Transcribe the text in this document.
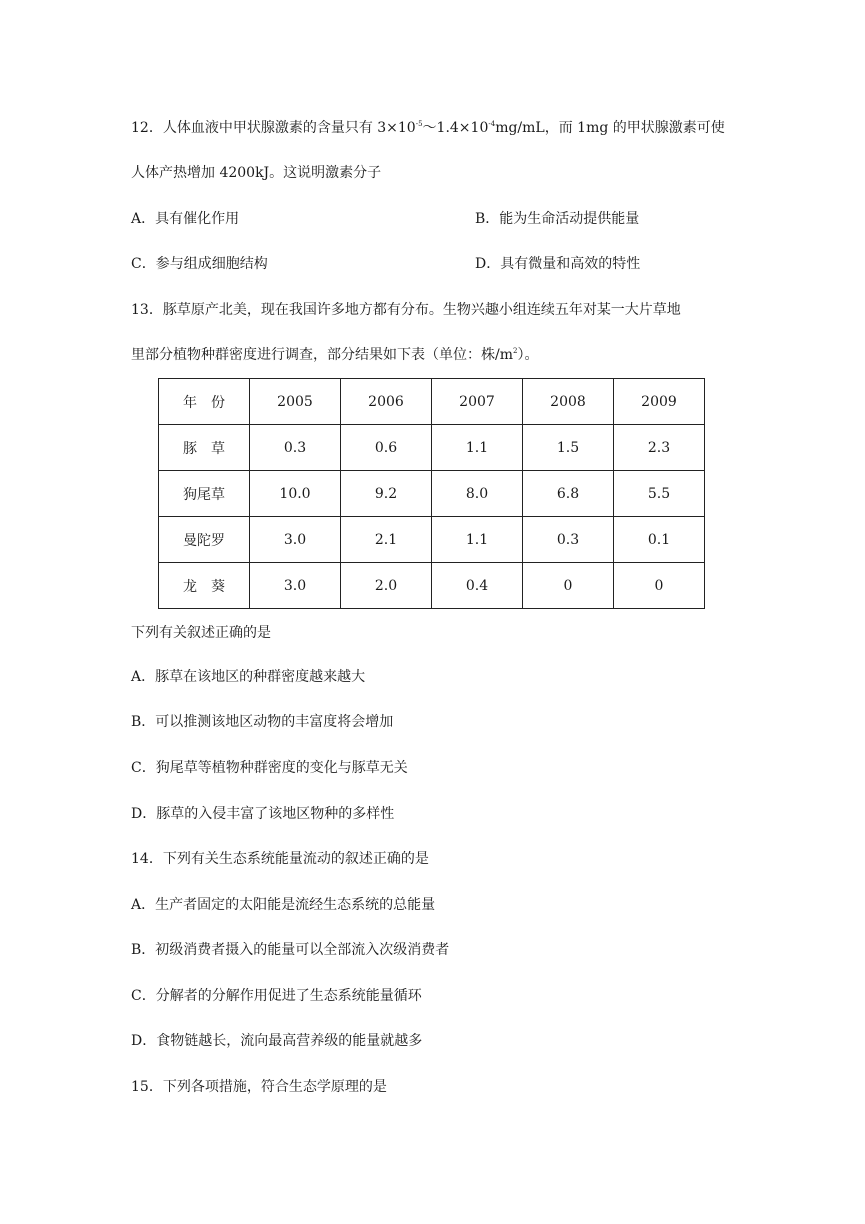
12．人体血液中甲状腺激素的含量只有 $3\times 10^{-5}\sim 1.4\times 10^{-4}mg/mL$，而 1mg 的甲状腺激素可使
人体产热增加 4200kJ。这说明激素分子
A．具有催化作用	B．能为生命活动提供能量
C．参与组成细胞结构	D．具有微量和高效的特性
13．豚草原产北美，现在我国许多地方都有分布。生物兴趣小组连续五年对某一大片草地
里部分植物种群密度进行调查，部分结果如下表（单位：株$/m^2$）。
年　份	2005	2006	2007	2008	2009
豚　草	0.3	0.6	1.1	1.5	2.3
狗尾草	10.0	9.2	8.0	6.8	5.5
曼陀罗	3.0	2.1	1.1	0.3	0.1
龙　葵	3.0	2.0	0.4	0	0
下列有关叙述正确的是
A．豚草在该地区的种群密度越来越大
B．可以推测该地区动物的丰富度将会增加
C．狗尾草等植物种群密度的变化与豚草无关
D．豚草的入侵丰富了该地区物种的多样性
14．下列有关生态系统能量流动的叙述正确的是
A．生产者固定的太阳能是流经生态系统的总能量
B．初级消费者摄入的能量可以全部流入次级消费者
C．分解者的分解作用促进了生态系统能量循环
D．食物链越长，流向最高营养级的能量就越多
15．下列各项措施，符合生态学原理的是
